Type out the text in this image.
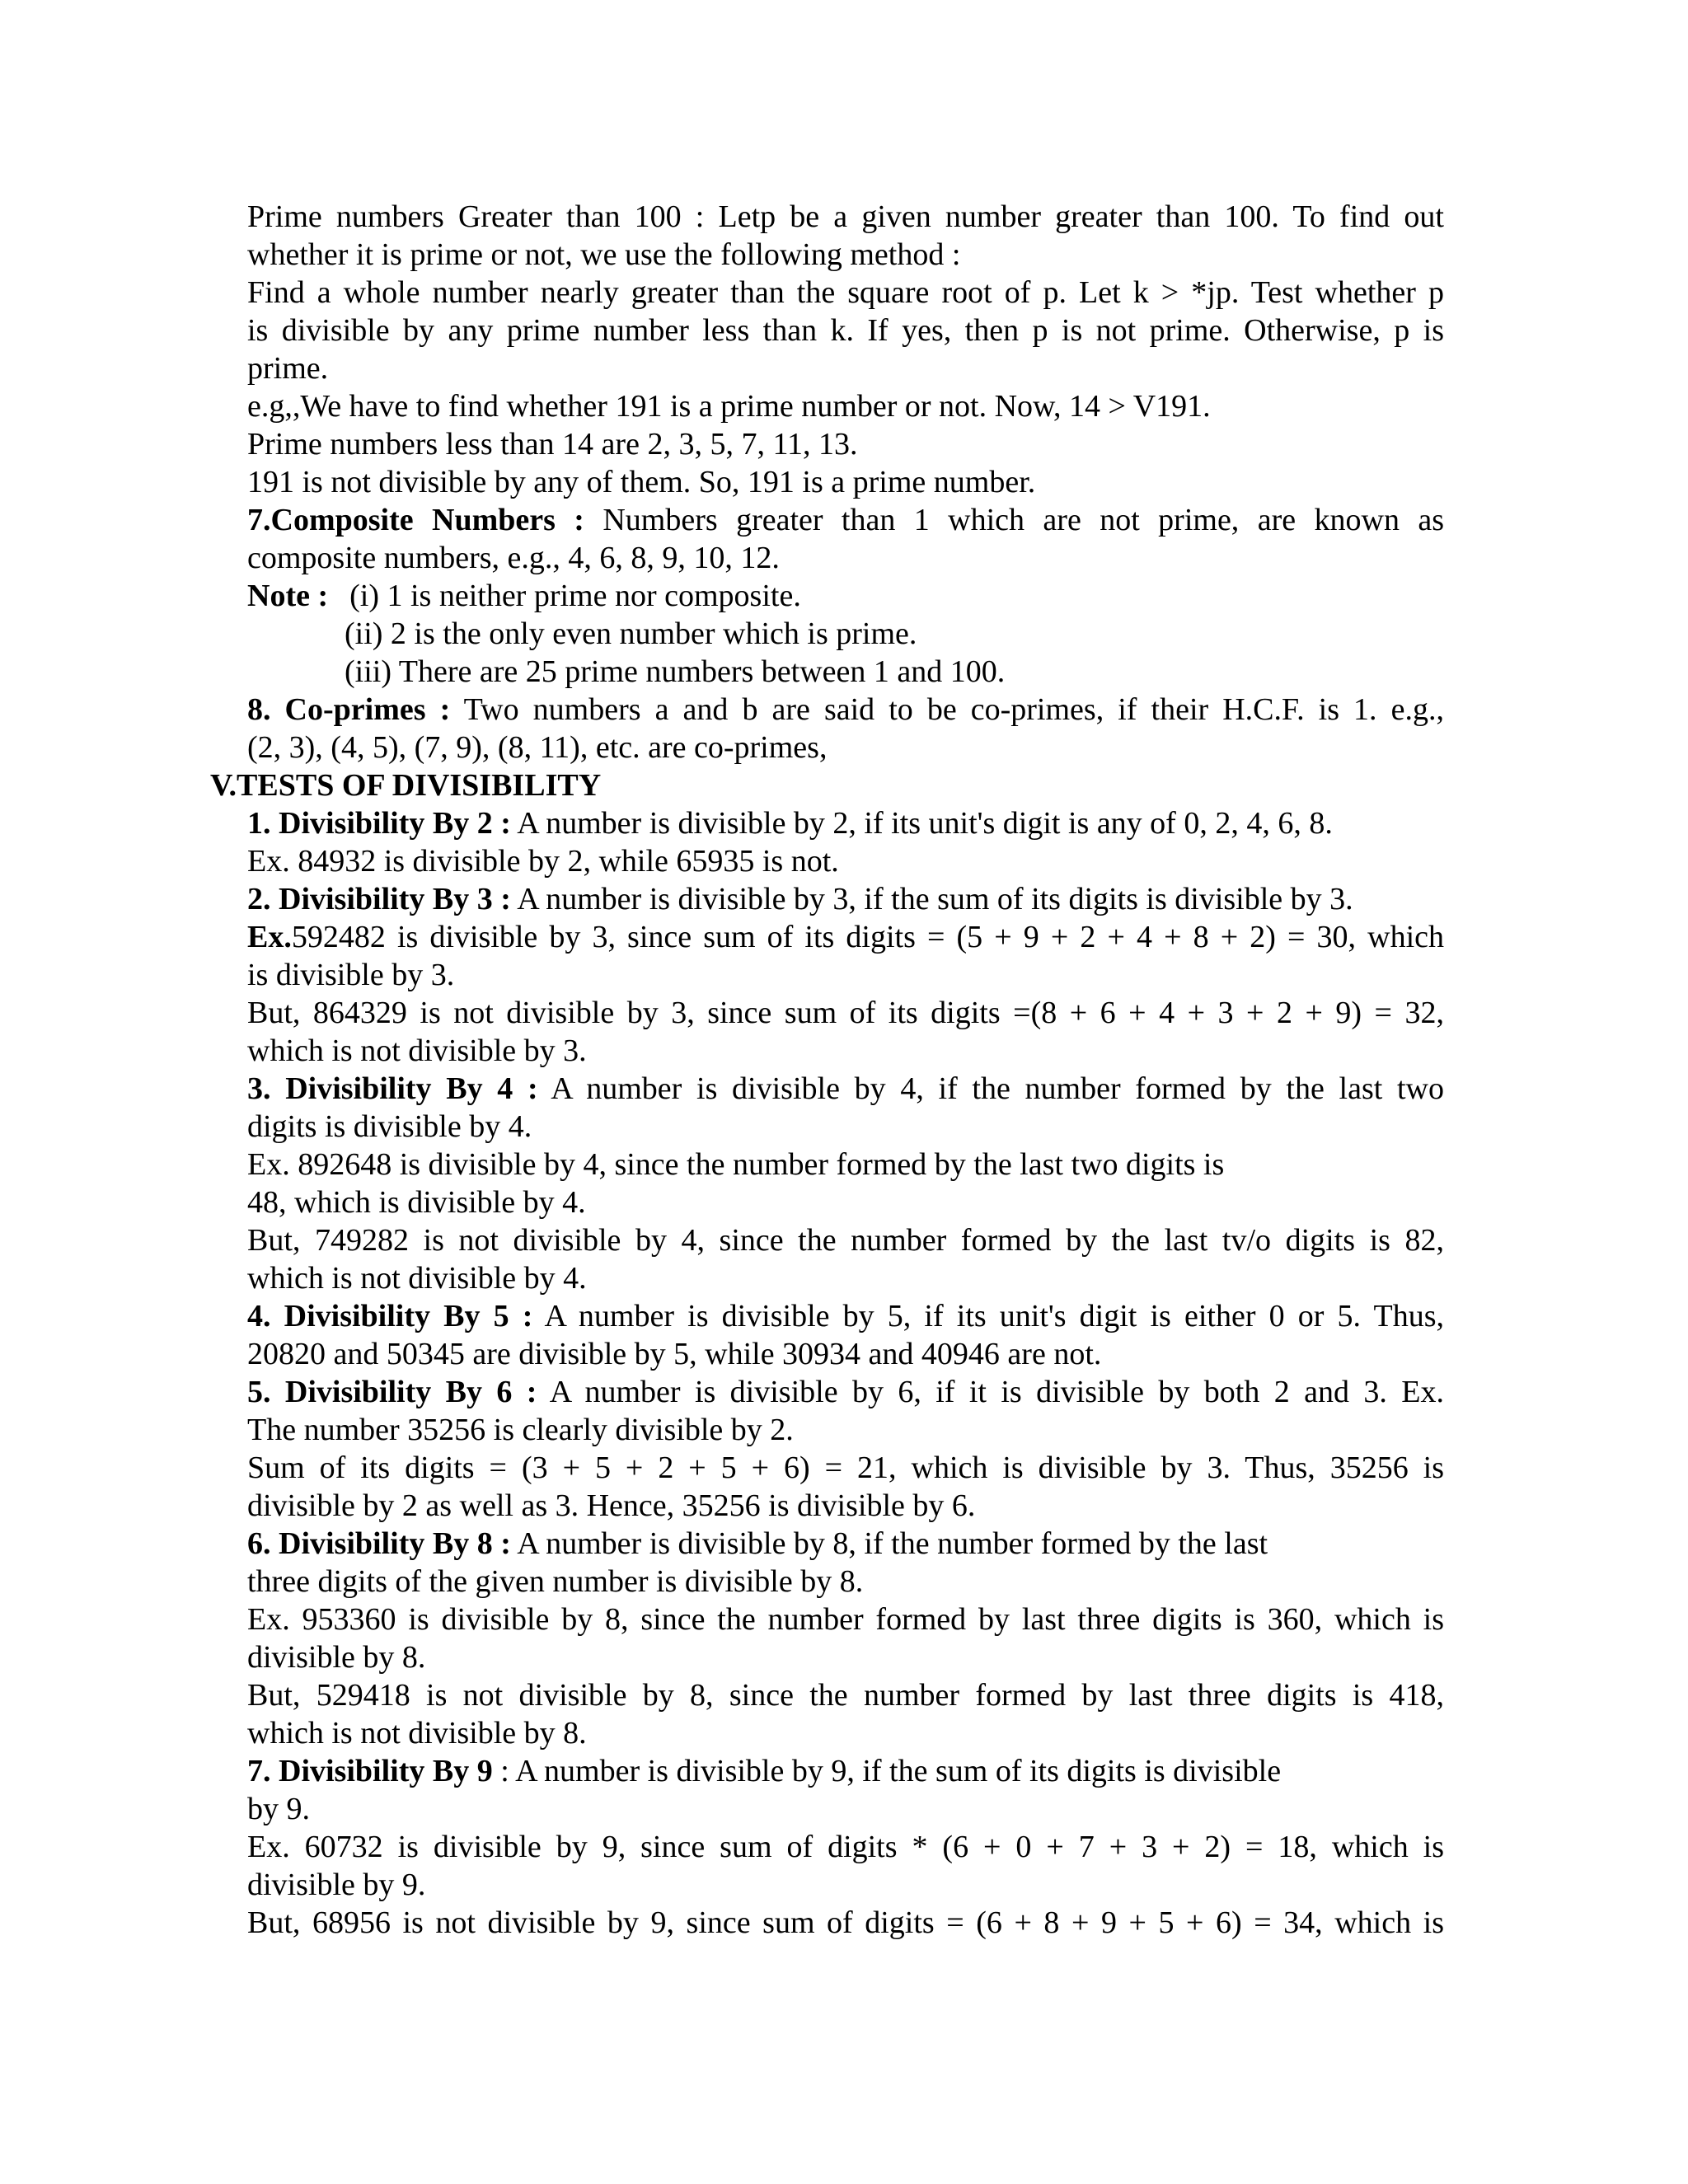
Prime numbers Greater than 100 : Letp be a given number greater than 100. To find out
whether it is prime or not, we use the following method :
Find a whole number nearly greater than the square root of p. Let k > *jp. Test whether p
is divisible by any prime number less than k. If yes, then p is not prime. Otherwise, p is
prime.
e.g,,We have to find whether 191 is a prime number or not. Now, 14 > V191.
Prime numbers less than 14 are 2, 3, 5, 7, 11, 13.
191 is not divisible by any of them. So, 191 is a prime number.
7.Composite Numbers : Numbers greater than 1 which are not prime, are known as
composite numbers, e.g., 4, 6, 8, 9, 10, 12.
Note : (i) 1 is neither prime nor composite.
(ii) 2 is the only even number which is prime.
(iii) There are 25 prime numbers between 1 and 100.
8. Co-primes : Two numbers a and b are said to be co-primes, if their H.C.F. is 1. e.g.,
(2, 3), (4, 5), (7, 9), (8, 11), etc. are co-primes,
V.TESTS OF DIVISIBILITY
1. Divisibility By 2 : A number is divisible by 2, if its unit's digit is any of 0, 2, 4, 6, 8.
Ex. 84932 is divisible by 2, while 65935 is not.
2. Divisibility By 3 : A number is divisible by 3, if the sum of its digits is divisible by 3.
Ex.592482 is divisible by 3, since sum of its digits = (5 + 9 + 2 + 4 + 8 + 2) = 30, which
is divisible by 3.
But, 864329 is not divisible by 3, since sum of its digits =(8 + 6 + 4 + 3 + 2 + 9) = 32,
which is not divisible by 3.
3. Divisibility By 4 : A number is divisible by 4, if the number formed by the last two
digits is divisible by 4.
Ex. 892648 is divisible by 4, since the number formed by the last two digits is
48, which is divisible by 4.
But, 749282 is not divisible by 4, since the number formed by the last tv/o digits is 82,
which is not divisible by 4.
4. Divisibility By 5 : A number is divisible by 5, if its unit's digit is either 0 or 5. Thus,
20820 and 50345 are divisible by 5, while 30934 and 40946 are not.
5. Divisibility By 6 : A number is divisible by 6, if it is divisible by both 2 and 3. Ex.
The number 35256 is clearly divisible by 2.
Sum of its digits = (3 + 5 + 2 + 5 + 6) = 21, which is divisible by 3. Thus, 35256 is
divisible by 2 as well as 3. Hence, 35256 is divisible by 6.
6. Divisibility By 8 : A number is divisible by 8, if the number formed by the last
three digits of the given number is divisible by 8.
Ex. 953360 is divisible by 8, since the number formed by last three digits is 360, which is
divisible by 8.
But, 529418 is not divisible by 8, since the number formed by last three digits is 418,
which is not divisible by 8.
7. Divisibility By 9 : A number is divisible by 9, if the sum of its digits is divisible
by 9.
Ex. 60732 is divisible by 9, since sum of digits * (6 + 0 + 7 + 3 + 2) = 18, which is
divisible by 9.
But, 68956 is not divisible by 9, since sum of digits = (6 + 8 + 9 + 5 + 6) = 34, which is
